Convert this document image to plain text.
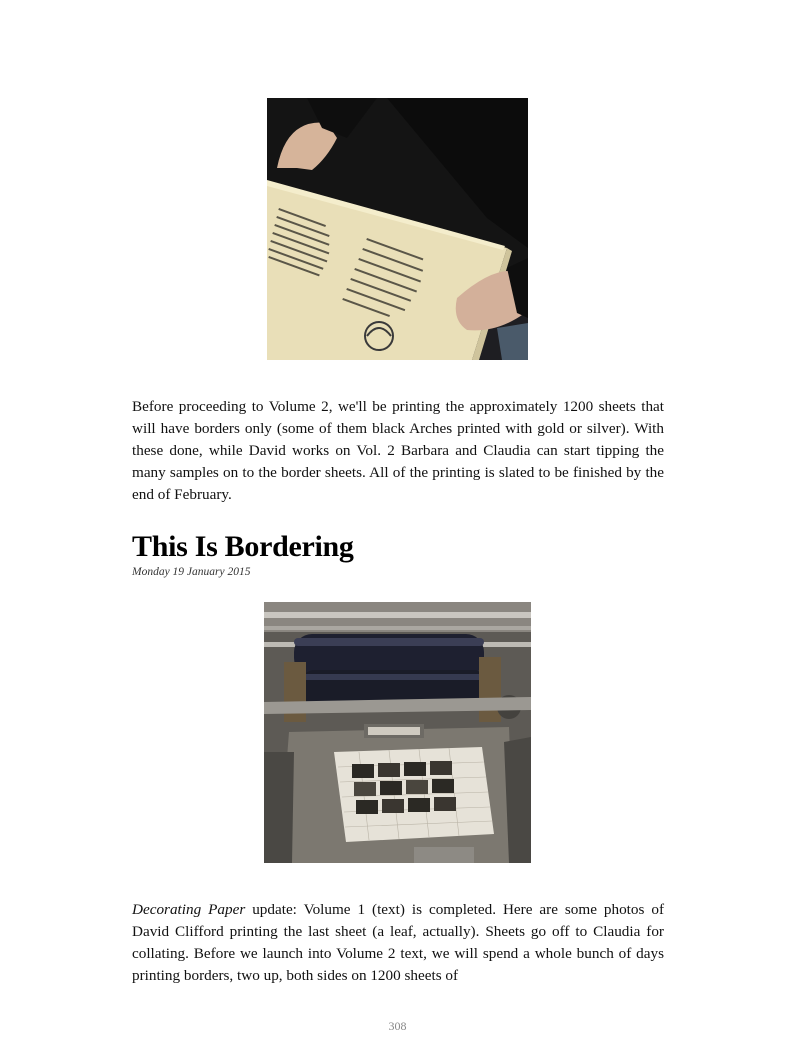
Before proceeding to Volume 2, we'll be printing the approximately 1200 sheets that will have borders only (some of them black Arches printed with gold or silver). With these done, while David works on Vol. 2 Barbara and Claudia can start tipping the many samples on to the border sheets. All of the printing is slated to be finished by the end of February.

This Is Bordering

Monday 19 January 2015

Decorating Paper update: Volume 1 (text) is completed. Here are some photos of David Clifford printing the last sheet (a leaf, actually). Sheets go off to Claudia for collating. Before we launch into Volume 2 text, we will spend a whole bunch of days printing borders, two up, both sides on 1200 sheets of

308
